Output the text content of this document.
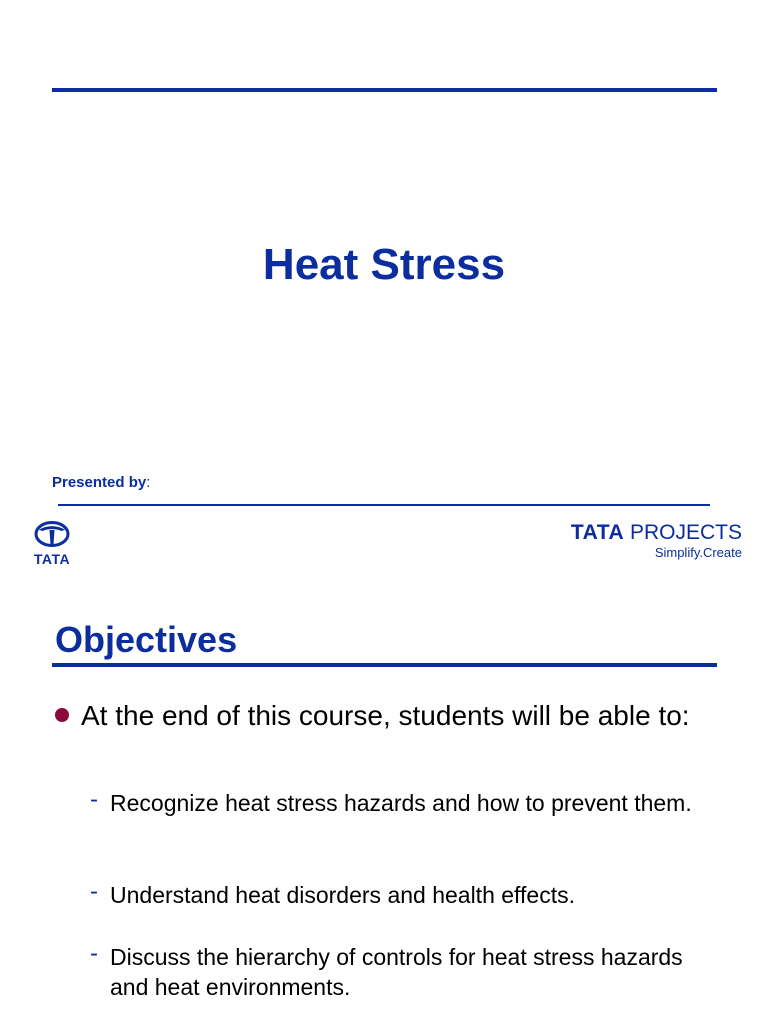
Heat Stress
Presented by:
TATA
TATA PROJECTS
Simplify.Create
Objectives
At the end of this course, students will be able to:
- Recognize heat stress hazards and how to prevent them.
- Understand heat disorders and health effects.
- Discuss the hierarchy of controls for heat stress hazards and heat environments.
